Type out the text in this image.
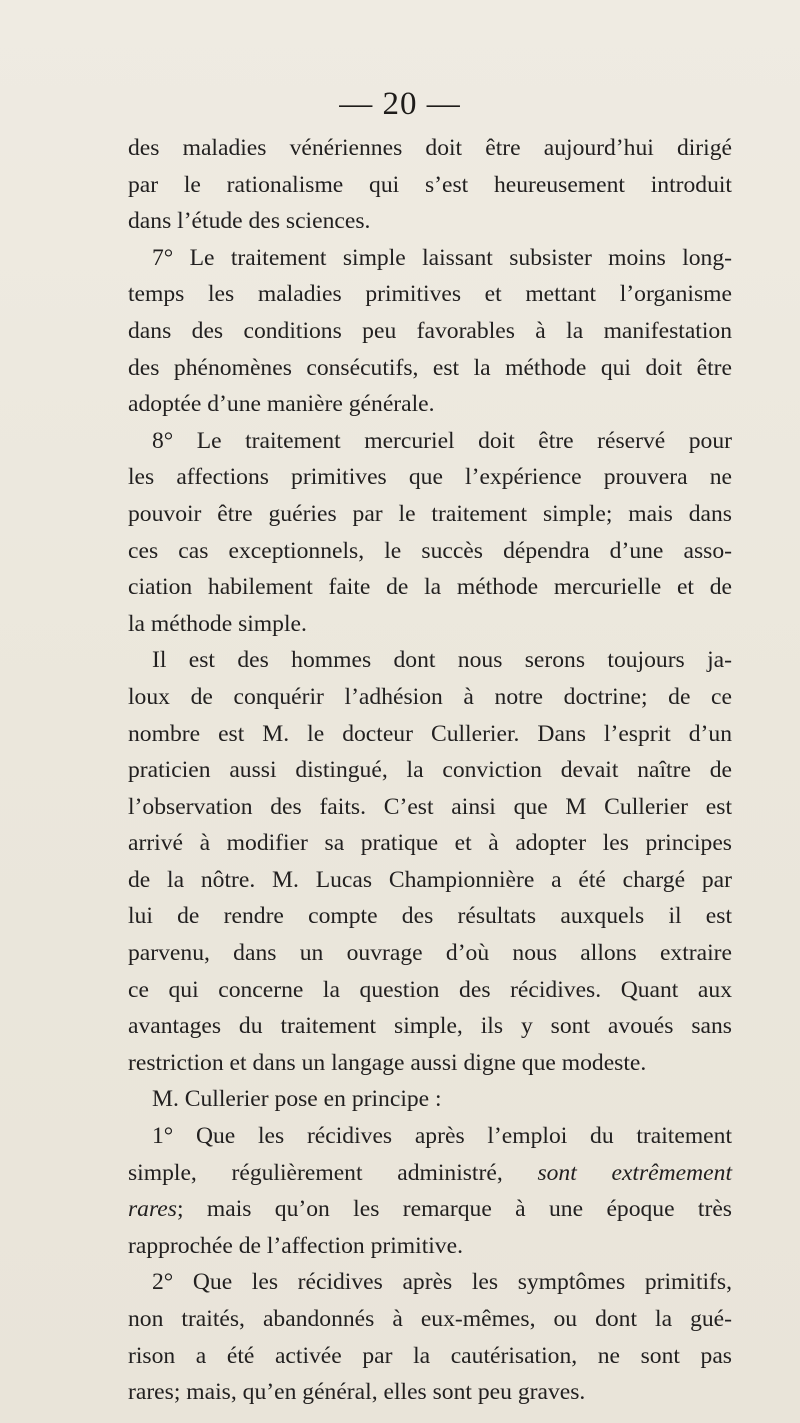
— 20 —
des maladies vénériennes doit être aujourd’hui dirigé
par le rationalisme qui s’est heureusement introduit
dans l’étude des sciences.
7° Le traitement simple laissant subsister moins long-
temps les maladies primitives et mettant l’organisme
dans des conditions peu favorables à la manifestation
des phénomènes consécutifs, est la méthode qui doit être
adoptée d’une manière générale.
8° Le traitement mercuriel doit être réservé pour
les affections primitives que l’expérience prouvera ne
pouvoir être guéries par le traitement simple; mais dans
ces cas exceptionnels, le succès dépendra d’une asso-
ciation habilement faite de la méthode mercurielle et de
la méthode simple.
Il est des hommes dont nous serons toujours ja-
loux de conquérir l’adhésion à notre doctrine; de ce
nombre est M. le docteur Cullerier. Dans l’esprit d’un
praticien aussi distingué, la conviction devait naître de
l’observation des faits. C’est ainsi que M Cullerier est
arrivé à modifier sa pratique et à adopter les principes
de la nôtre. M. Lucas Championnière a été chargé par
lui de rendre compte des résultats auxquels il est
parvenu, dans un ouvrage d’où nous allons extraire
ce qui concerne la question des récidives. Quant aux
avantages du traitement simple, ils y sont avoués sans
restriction et dans un langage aussi digne que modeste.
M. Cullerier pose en principe :
1° Que les récidives après l’emploi du traitement
simple, régulièrement administré, sont extrêmement
rares; mais qu’on les remarque à une époque très
rapprochée de l’affection primitive.
2° Que les récidives après les symptômes primitifs,
non traités, abandonnés à eux-mêmes, ou dont la gué-
rison a été activée par la cautérisation, ne sont pas
rares; mais, qu’en général, elles sont peu graves.
